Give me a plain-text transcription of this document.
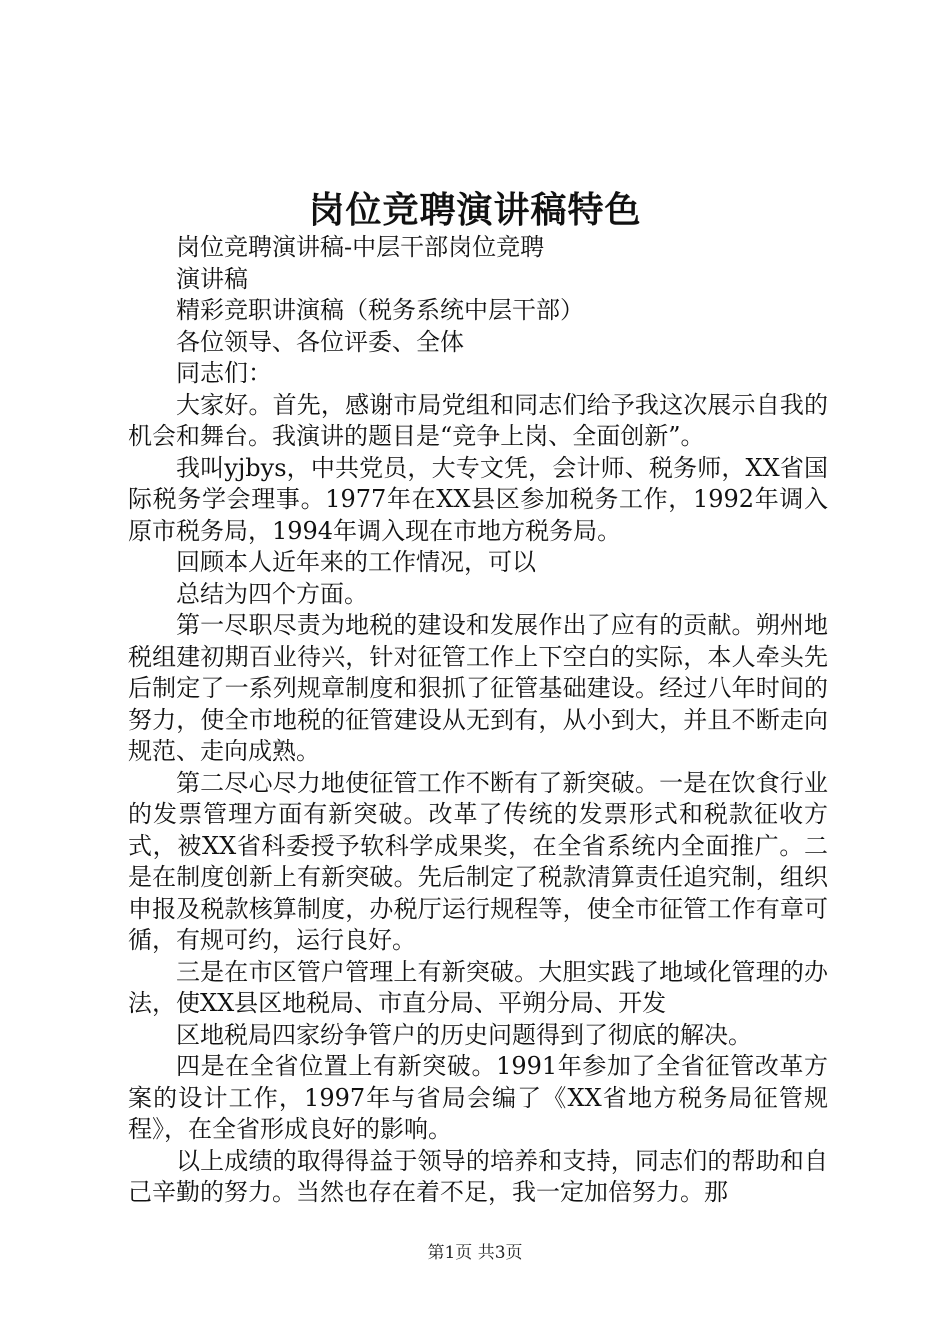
岗位竞聘演讲稿特色

岗位竞聘演讲稿-中层干部岗位竞聘

演讲稿

精彩竞职讲演稿（税务系统中层干部）

各位领导、各位评委、全体

同志们：

大家好。首先，感谢市局党组和同志们给予我这次展示自我的机会和舞台。我演讲的题目是“竞争上岗、全面创新”。

我叫yjbys，中共党员，大专文凭，会计师、税务师，XX省国际税务学会理事。1977年在XX县区参加税务工作，1992年调入原市税务局，1994年调入现在市地方税务局。

回顾本人近年来的工作情况，可以

总结为四个方面。

第一尽职尽责为地税的建设和发展作出了应有的贡献。朔州地税组建初期百业待兴，针对征管工作上下空白的实际，本人牵头先后制定了一系列规章制度和狠抓了征管基础建设。经过八年时间的努力，使全市地税的征管建设从无到有，从小到大，并且不断走向规范、走向成熟。

第二尽心尽力地使征管工作不断有了新突破。一是在饮食行业的发票管理方面有新突破。改革了传统的发票形式和税款征收方式，被XX省科委授予软科学成果奖，在全省系统内全面推广。二是在制度创新上有新突破。先后制定了税款清算责任追究制，组织申报及税款核算制度，办税厅运行规程等，使全市征管工作有章可循，有规可约，运行良好。

三是在市区管户管理上有新突破。大胆实践了地域化管理的办法，使XX县区地税局、市直分局、平朔分局、开发

区地税局四家纷争管户的历史问题得到了彻底的解决。

四是在全省位置上有新突破。1991年参加了全省征管改革方案的设计工作，1997年与省局会编了《XX省地方税务局征管规程》，在全省形成良好的影响。

以上成绩的取得得益于领导的培养和支持，同志们的帮助和自己辛勤的努力。当然也存在着不足，我一定加倍努力。那

第1页 共3页
